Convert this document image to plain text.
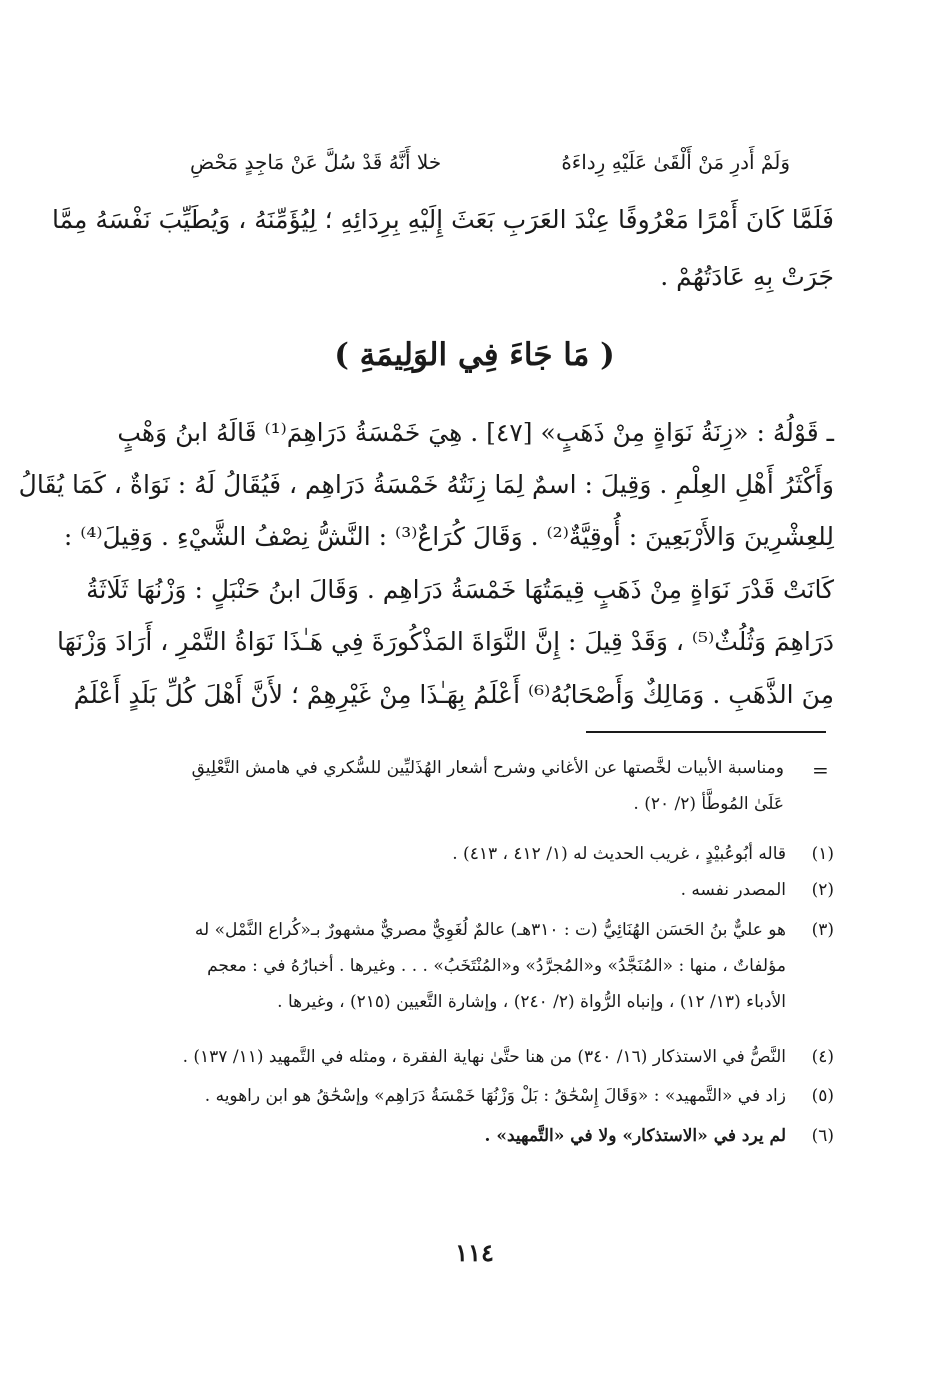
وَلَمْ أَدرِ مَنْ أَلْقَىٰ عَلَيْهِ رِداءَهُ
خلا أَنَّهُ قَدْ سُلَّ عَنْ مَاجِدٍ مَحْضِ
فَلَمَّا كَانَ أَمْرًا مَعْرُوفًا عِنْدَ العَرَبِ بَعَثَ إِلَيْهِ بِرِدَائِهِ ؛ لِيُؤَمِّنَهُ ، وَيُطَيِّبَ نَفْسَهُ مِمَّا
جَرَتْ بِهِ عَادَتُهُمْ .
( مَا جَاءَ فِي الوَلِيمَةِ )
ـ قَوْلُهُ : «زِنَةُ نَوَاةٍ مِنْ ذَهَبٍ» [٤٧] . هِيَ خَمْسَةُ دَرَاهِمَ⁽¹⁾ قَالَهُ ابنُ وَهْبٍ
وَأَكْثَرُ أَهْلِ العِلْمِ . وَقِيلَ : اسمٌ لِمَا زِنَتُهُ خَمْسَةُ دَرَاهِم ، فَيُقَالُ لَهُ : نَوَاةٌ ، كَمَا يُقَالُ
لِلعِشْرِينَ وَالأَرْبَعِينَ : أُوقِيَّةٌ⁽²⁾ . وَقَالَ كُرَاعٌ⁽³⁾ : النَّشُّ نِصْفُ الشَّيْءِ . وَقِيلَ⁽⁴⁾ :
كَانَتْ قَدْرَ نَوَاةٍ مِنْ ذَهَبٍ قِيمَتُهَا خَمْسَةُ دَرَاهِم . وَقَالَ ابنُ حَنْبَلٍ : وَزْنُهَا ثَلَاثَةُ
دَرَاهِمَ وَثُلُثٌ⁽⁵⁾ ، وَقَدْ قِيلَ : إِنَّ النَّوَاةَ المَذْكُورَةَ فِي هَـٰذَا نَوَاةُ التَّمْرِ ، أَرَادَ وَزْنَهَا
مِنَ الذَّهَبِ . وَمَالِكٌ وَأَصْحَابُهُ⁽⁶⁾ أَعْلَمُ بِهَـٰذَا مِنْ غَيْرِهِمْ ؛ لأَنَّ أَهْلَ كُلِّ بَلَدٍ أَعْلَمُ
=
ومناسبة الأبيات لخَّصتها عن الأغاني وشرح أشعار الهُذَليِّين للسُّكري في هامش التَّعْلِيقِ
عَلَىٰ المُوطَّأ (٢/ ٢٠) .
(١)
قاله أبُوعُبيْدٍ ، غريب الحديث له (١/ ٤١٢ ، ٤١٣) .
(٢)
المصدر نفسه .
(٣)
هو عليٌّ بنُ الحَسَن الهُنَائِيُّ (ت : ٣١٠هـ) عالمٌ لُغَوِيٌّ مصريٌّ مشهورٌ بـ«كُراع النَّمْل» له
مؤلفاتٌ ، منها : «المُنَجَّدُ» و«المُجرَّدُ» و«المُنْتَخَبُ» . . . وغيرها . أخبارُهُ في : معجم
الأدباء (١٣/ ١٢) ، وإنباه الرُّواة (٢/ ٢٤٠) ، وإشارة التَّعيين (٢١٥) ، وغيرها .
(٤)
النَّصُّ في الاستذكار (١٦/ ٣٤٠) من هنا حتَّىٰ نهاية الفقرة ، ومثله في التَّمهيد (١١/ ١٣٧) .
(٥)
زاد في «التَّمهيد» : «وَقَالَ إِسْحَٰقُ : بَلْ وَزْنُهَا خَمْسَةُ دَرَاهِم» وإسْحَٰقُ هو ابن راهويه .
(٦)
لم يرد في «الاستذكار» ولا في «التَّمهيد» .
١١٤
